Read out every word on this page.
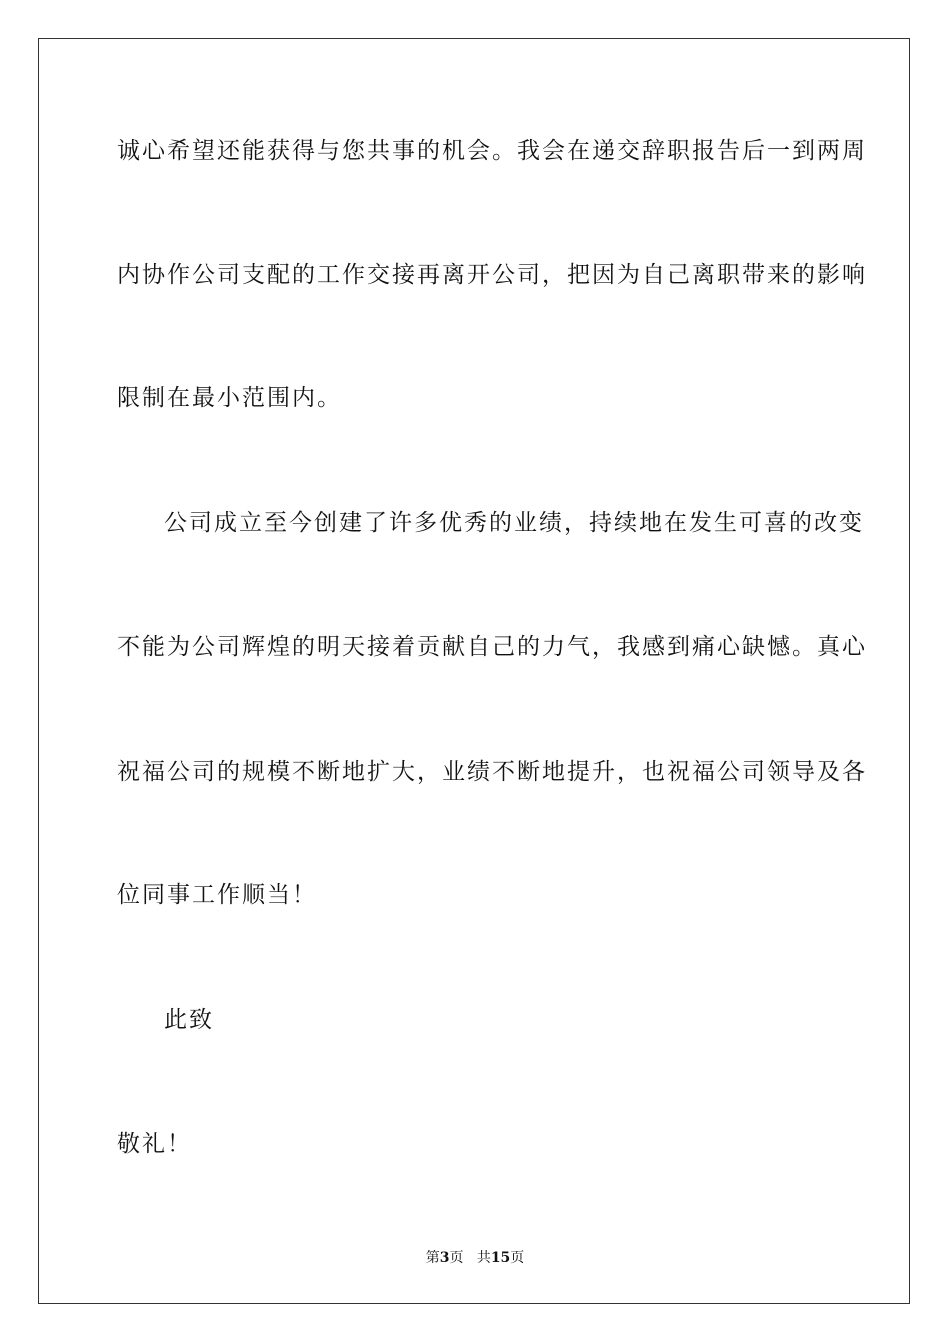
诚心希望还能获得与您共事的机会。我会在递交辞职报告后一到两周
内协作公司支配的工作交接再离开公司，把因为自己离职带来的影响
限制在最小范围内。
公司成立至今创建了许多优秀的业绩，持续地在发生可喜的改变
不能为公司辉煌的明天接着贡献自己的力气，我感到痛心缺憾。真心
祝福公司的规模不断地扩大，业绩不断地提升，也祝福公司领导及各
位同事工作顺当！
此致
敬礼！
第3页 共15页
